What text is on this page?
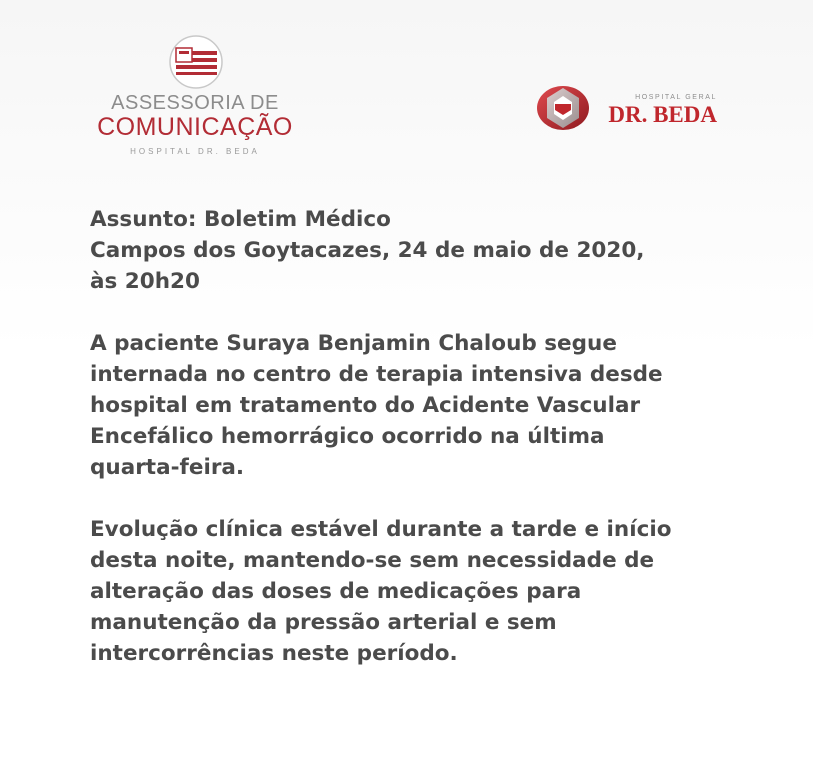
ASSESSORIA DE
COMUNICAÇÃO
HOSPITAL DR. BEDA
HOSPITAL GERAL
DR. BEDA

Assunto: Boletim Médico

Campos dos Goytacazes, 24 de maio de 2020,

às 20h20

A paciente Suraya Benjamin Chaloub segue

internada no centro de terapia intensiva desde

hospital em tratamento do Acidente Vascular

Encefálico hemorrágico ocorrido na última

quarta-feira.

Evolução clínica estável durante a tarde e início

desta noite, mantendo-se sem necessidade de

alteração das doses de medicações para

manutenção da pressão arterial e sem

intercorrências neste período.
